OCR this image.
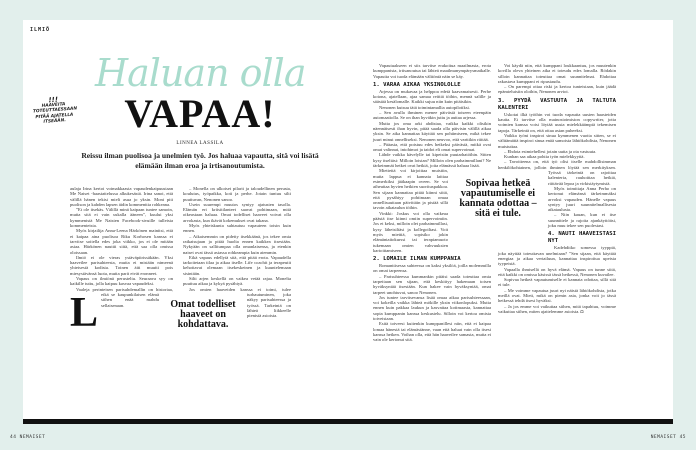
ILMIÖ
Haluan olla
VAPAA!
LINNEA LASSILA
Reissu ilman puolisoa ja unelmien työ. Jos haluaa vapautta, sitä voi lisätä elämään ilman eroa ja irtisanoutumista.
!!!
HAAVEITA TOTEUTTAESSAAN PITÄÄ AJATELLA ITSEÄÄN.
L

aulaja Irina kertoi voimakkaasta vapaudenkaipuustaan Me Naiset -haastattelussa alkukesästä. Irina sanoi, että välillä hänen tekisi mieli asua jo yksin. Moni piti puolison ja kahden lapsen äidin kommenttia rohkeana.

”Et ole itsekäs. Välillä minä kaipaan tuntee samoin, mutta sitä ei vain uskalla ääneen”, kuului yksi kymmenistä Me Naisten Facebook-sivuille tulleista kommenteista.

Myös kirjailija Anna-Leena Härkönen mainitsi, että ei kaipaa aina puolisoa Riku Korhosen kanssa ei tarvitse soitella edes joka viikko, jos ei ole mitään asiaa. Härkönen nauttii siitä, että saa olla omissa oloissaan.

Ilmiö ei ole vieras ystäväpiirissäkään. Yksi haaveilee parisuhteesta, mutta ei mistään nimeenä yhteisestä kodista. Toinen äiti muutti pois miesystävänsä luota, mutta parit eivät eronneet.

Vapaus on ilmiönä perusteltu. Seuraava syy on kaikille tuttu, jolla kaipuu kasvaa vapaudeksi.

Vaaleja perinteisen parisuhdemallin on historiaa, eikä se kaupunkilaisen elämä siihen enää mahdu sellaisenaan.

– Monella on ulkoiset pilarit ja taloudellinen perusta, koulutus, työpaikka, koti ja perhe. Jotain tuntuu silti puuttuvan, Nenonen sanoo.

Usein suurempi muutos syntyy ajatusten tasolla. Elämän eri kriisitilanteet saavat pohtimaan, mitä oikeastaan haluaa. Omat todelliset haaveet voivat olla arvokasta, kun ikävät kokemukset ovat takana.

Myös yhteiskunta suhtautuu vapauteen toisin kuin ennen.

– Aikaisemmin on pidetty itsekkäänä, jos tekee omia ratkaisujaan ja pitää huolta ennen kaikkea itsestään. Nykyään on sallitumpaa olla omanlaisensa, ja etenkin naiset ovat tässä asiassa rohkeampia kuin aiemmin.

Eikä vapaus edellytä sitä, että pitää erota. Vapaudella tarkoitetaan tilaa ja aikaa itselle. Life coachit ja terapeutit kehottavat olemaan itsekeskeinen ja kuuntelemaan sisintään.

Silti arjen keskellä on vaikea vetää rajaa. Monelta puuttuu aikaa ja kykyä pysähtyä.

Jos omien haaveiden kanssa ei toimi, tulee turhautuminen, joka näkyy parisuhteessa ja työssä. Tarkeintä on lähteä liikkeelle pienistä asioista.

Omat todelliset haaveet on kohdattava.

Vapautuakseen ei siis tarvitse erakoitua maailmasta, erota kumppanista, irtisanoutua tai lähteä maailmanympärysmatkalle. Vapautta voi tuoda elämään välitöntä näin se käy.

1. VARAA AIKAA YKSINOLOLLE

Arjessa on mukavaa ja helppoa edetä kaavamaisesti. Perhe kotona, ajatellaan, ajaa samaa reittiä töihin, mennä salille ja säästää kesälomalle. Kaikki sujuu niin kuin pitäisikin.

Nenonen kutsuu tätä toimintamallia autopilotiksi.

– Sen avulla ihminen menee päivästä toiseen eteenpäin automaatiolla. Se on ihan hyväkin juttu ja auttaa arjessa.

Mutta jos oma arki ahdistaa, vaikka kaikki olisikin näennäisesti ihan hyvin, pitää saada olla päivisin välillä aikaa yksin. Se aika kannattaa käyttää sen pohtimiseen, mikä tekee juuri minut onnelliseksi. Nenonen neuvoo, että varttikin riittää.

– Pääasia, että poistuu edes hetkeksi päivästä, mitkä ovat omat valinnat, intohimot ja taidot eli omat supervoimat.

Lähde vaikka kävelylle tai kipeisiin puutarhatöihin. Sitten kysy itseltäsi: Milloin loistan? Milloin olen parhaimmillani? Ne tärkeimmät hetket ovat hetkiä, joita elämässä haluaa lisää.

Mietteitä voi kirjoittaa muistiin, mutta lappua ei kannata laittaa esimerkiksi jääkaapin oveen. Se voi aiheuttaa hyvien hetkien suorituspakkoa. Sen sijaan kannattaa pitää kiinni siitä, että pysähtyy pohtimaan omaa onnellisuuttaan päivittäin ja pistää sillä tavoin aikataulun töihin.

Vinkki: Joskus voi olla vaikeaa päästä itse kiinni omiin supervoimiin. Jos et keksi, milloin olet parhaimmillasi, kysy läheisiltäsi ja kollegoiltasi. Voit myös miettiä, sopisiko jokin elämäntaitokurssi tai terapiamuoto tukemaan omien vahvuuksien kartoittamiseen.

2. LOMAILE ILMAN KUMPPANIA

Romanttisessa suhteessa on kaksi yksilöä, joilla molemmilla on omat tarpeensa.

– Parisuhteessa kummankin pitäisi saada toteuttaa omia tarpeitaan sen sijaan, että keskittyy hakemaan toisen hyväksyntää itsestään. Kun hakee vain hyväksyntää, omat tarpeet unohtuvat, sanoo Nenonen.

Jos tuntee tarvitsevansa lisää omaa aikaa parisuhteessaan, voi kokeilla vaikka lähteä mökille yksin viikonlopuksi. Mutta ennen kuin pakkaa laukun ja kasvattaa kotimaasta, kannattaa sopia kumppanin kanssa keskustelu. Silloin voi kertoa omista toiveistaan.

Esitä toiveesi kuitenkin kumppanillesi niin, että et kaipaa lomaa hänestä tai elämästänne, vaan että haluat vain olla itsesi kanssa hetken. Voihan olla, että hän haaveilee samasta, mutta ei vain ole kertonut sitä.

Voi käydä niin, että kumppani loukkaantuu, jos muutenkin kovilla oleva yhteinen aika ei toteudu edes lomalla. Rödakin silloin kannattaa toteuttaa omat suunnitelmat. Ehdottaa rakastava kumppani ei ripustaudu.

– On parempi ottaa riski ja kertoa tunteistaan, kuin jäädä epämieluisiin oloihin, Nenonen arvioi.

3. PYYDÄ VASTUUTA JA TALTUTA KALENTERI

Uskotai ilkä työihin voi tuoda vapautta uusien haasteiden kautta. Ei tarvitse olla mainostoimiston copywriter, jotta voimien kanssa voisi löytää uusia mielekkäämpiä tekemisen tapoja. Tärkeintä on, että ottaa asian puheeksi.

Vaikka työni inspiroi sinua kymmenen vuotta sitten, se ei välttämättä inspiroi sinua enää samoista lähtökohdista, Nenonen muistuttaa.

– Ehdota esimiehellesi jotain uutta ja ota vastuuta.

Kunhan saa aikaa pohtia työn mielekkyyttä.

– Tavoitteena on, että työ olisi itselle mahdollisimman henkilökohtainen, jolloin ihminen löytää sen merkityksen. Työssä tärkeintä on rajoittaa kalenteria, rauhoittaa hetkiä, riittävää lepoa ja virkistäytymistä.

Myös toimittaja Anna Perho on kertonut elämänsä tärkeimmäksi arvoksi vapauden. Hänelle vapaus syntyy juuri suunnitelmallisesta aikataulusta.

– Niin kauan, kun et itse suunnittele ja rajoita ajankäyttöäsi, joku muu tekee sen puolestasi.

4. NAUTI HAAVEISTASI NYT

Kadehditko somessa tyyppiä, joka näyttää toteuttavan unelmiaan? ”Sen sijaan, että käyttää energiaa ja aikaa vertailuun, kannattaa inspiroitua upeista tyypeistä.

Vapaalla ihmisellä on hyvä elämä. Vapaus on tunne siitä, että kaikki on omissa käsissä tässä hetkessä, Nenonen kuvailee.

Sopivaa hetkeä vapautumiselle ei kannata odottaa, sillä sitä ei tule.

– Me voimme vapautua juuri nyt näistä lähtökohdista, jotka meillä ovat. Mieti, mikä on pienin asia, jonka voit jo tässä hetkessä tehdä itsesi hyväksi.

– Ja jos emme voi vaikuttaa siihen, mitä tapahtuu, voimme vaikuttaa siihen, miten ajattelemme asioista. ◘

Sopivaa hetkeä vapautumiselle ei kannata odottaa – sitä ei tule.
44 NEMAISET	NEMAISET 45
